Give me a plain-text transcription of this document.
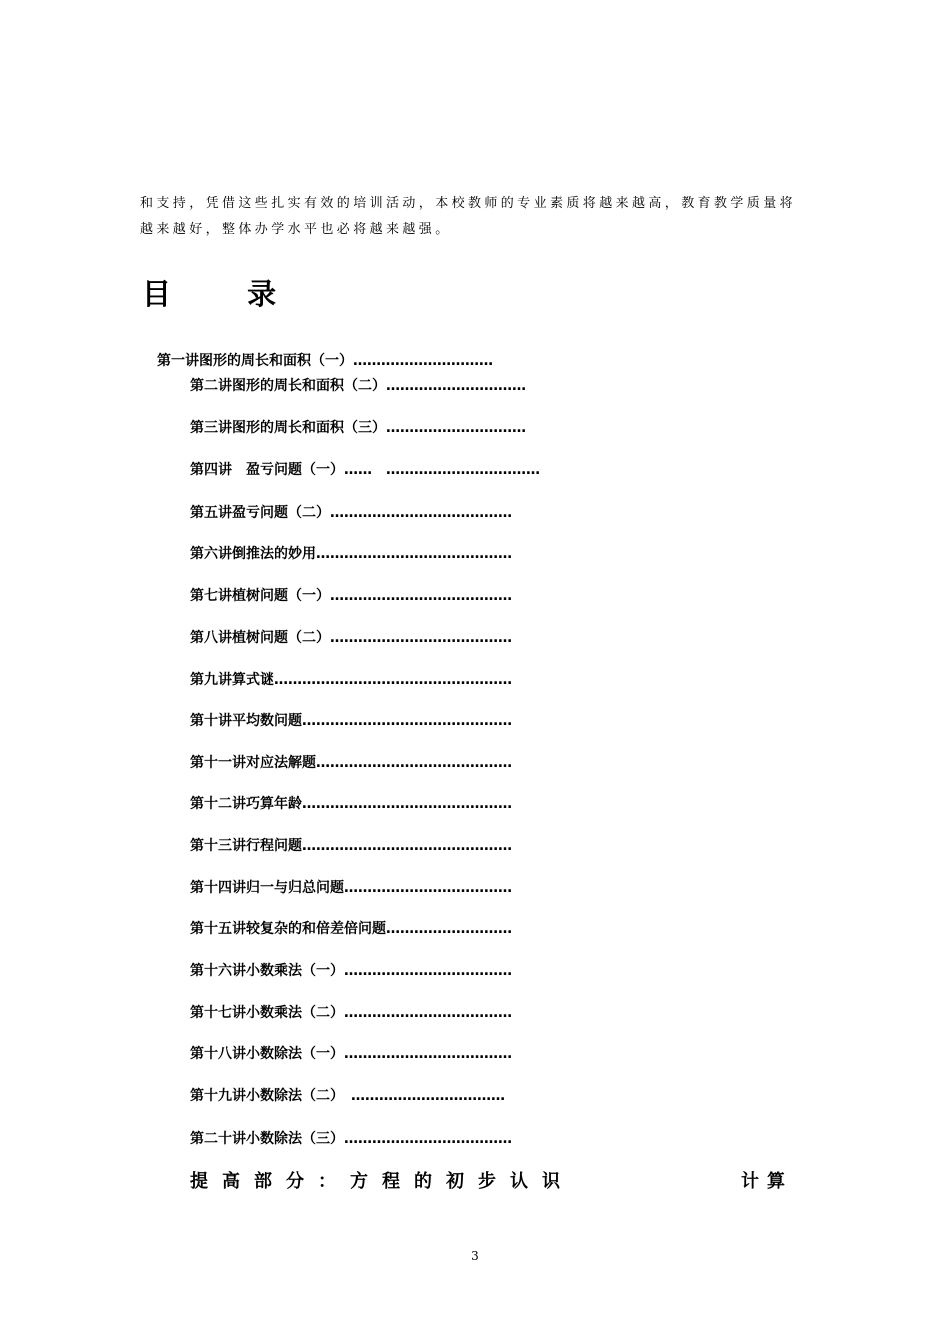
和支持，凭借这些扎实有效的培训活动，本校教师的专业素质将越来越高，教育教学质量将
越来越好，整体办学水平也必将越来越强。
目	录
第一讲图形的周长和面积（一）…………………………
第二讲图形的周长和面积（二）…………………………
第三讲图形的周长和面积（三）…………………………
第四讲　盈亏问题（一）……　……………………………
第五讲盈亏问题（二）…………………………………
第六讲倒推法的妙用……………………………………
第七讲植树问题（一）…………………………………
第八讲植树问题（二）…………………………………
第九讲算式谜……………………………………………
第十讲平均数问题………………………………………
第十一讲对应法解题……………………………………
第十二讲巧算年龄………………………………………
第十三讲行程问题………………………………………
第十四讲归一与归总问题………………………………
第十五讲较复杂的和倍差倍问题………………………
第十六讲小数乘法（一）………………………………
第十七讲小数乘法（二）………………………………
第十八讲小数除法（一）………………………………
第十九讲小数除法（二）　……………………………
第二十讲小数除法（三）………………………………
提高部分：方程的初步认识	计算
3
